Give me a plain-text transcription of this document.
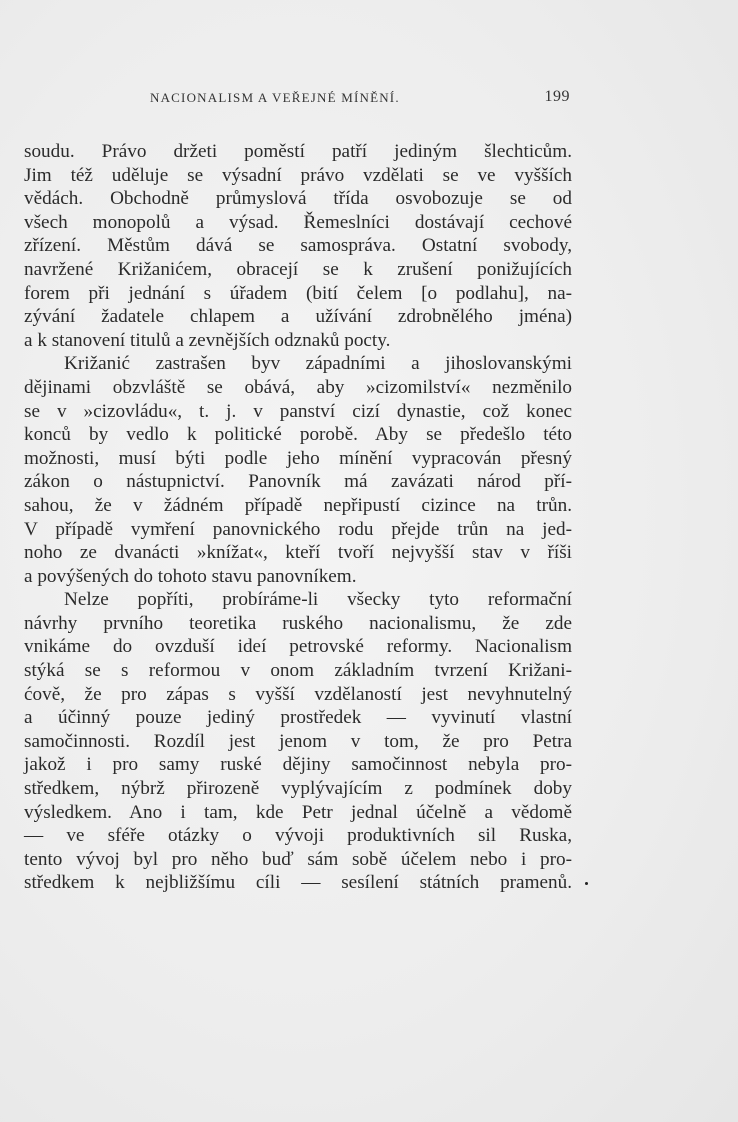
NACIONALISM A VEŘEJNÉ MÍNĚNÍ.	199
soudu. Právo držeti poměstí patří jediným šlechticům.
Jim též uděluje se výsadní právo vzdělati se ve vyšších
vědách. Obchodně průmyslová třída osvobozuje se od
všech monopolů a výsad. Řemeslníci dostávají cechové
zřízení. Městům dává se samospráva. Ostatní svobody,
navržené Križanićem, obracejí se k zrušení ponižujících
forem při jednání s úřadem (bití čelem [o podlahu], na-
zývání žadatele chlapem a užívání zdrobnělého jména)
a k stanovení titulů a zevnějších odznaků pocty.
Križanić zastrašen byv západními a jihoslovanskými
dějinami obzvláště se obává, aby »cizomilství« nezměnilo
se v »cizovládu«, t. j. v panství cizí dynastie, což konec
konců by vedlo k politické porobě. Aby se předešlo této
možnosti, musí býti podle jeho mínění vypracován přesný
zákon o nástupnictví. Panovník má zavázati národ pří-
sahou, že v žádném případě nepřipustí cizince na trůn.
V případě vymření panovnického rodu přejde trůn na jed-
noho ze dvanácti »knížat«, kteří tvoří nejvyšší stav v říši
a povýšených do tohoto stavu panovníkem.
Nelze popříti, probíráme-li všecky tyto reformační
návrhy prvního teoretika ruského nacionalismu, že zde
vnikáme do ovzduší ideí petrovské reformy. Nacionalism
stýká se s reformou v onom základním tvrzení Križani-
ćově, že pro zápas s vyšší vzdělaností jest nevyhnutelný
a účinný pouze jediný prostředek — vyvinutí vlastní
samočinnosti. Rozdíl jest jenom v tom, že pro Petra
jakož i pro samy ruské dějiny samočinnost nebyla pro-
středkem, nýbrž přirozeně vyplývajícím z podmínek doby
výsledkem. Ano i tam, kde Petr jednal účelně a vědomě
— ve sféře otázky o vývoji produktivních sil Ruska,
tento vývoj byl pro něho buď sám sobě účelem nebo i pro-
středkem k nejbližšímu cíli — sesílení státních pramenů.
